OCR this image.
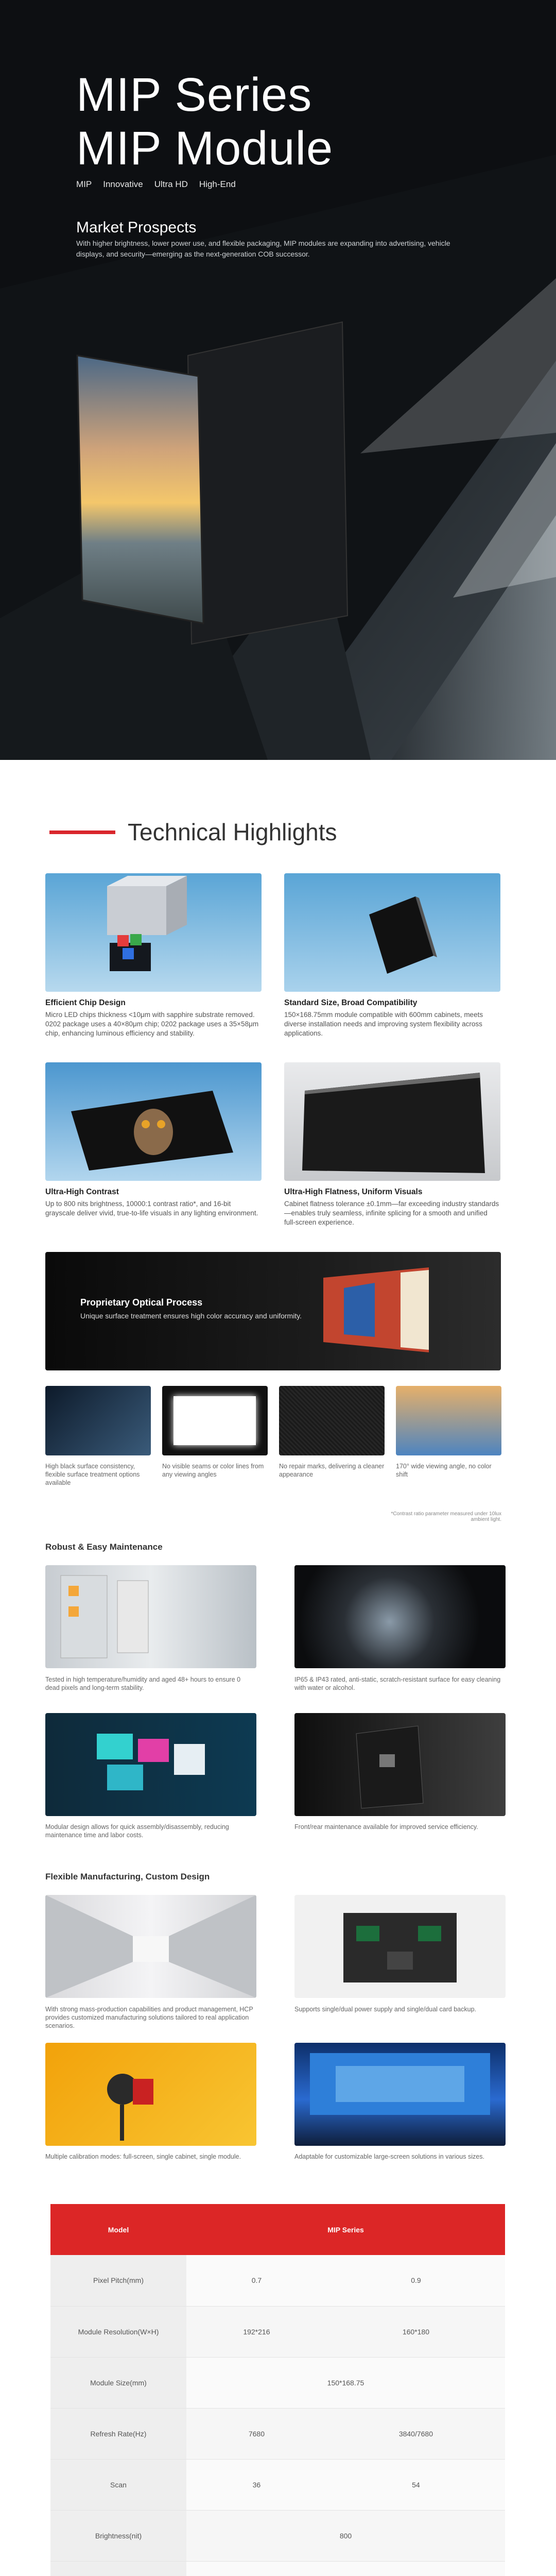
MIP Series
MIP Module
MIP Innovative Ultra HD High-End
Market Prospects
With higher brightness, lower power use, and flexible packaging, MIP modules are expanding into advertising, vehicle displays, and security—emerging as the next-generation COB successor.
Technical Highlights
Efficient Chip Design
Micro LED chips thickness <10μm with sapphire substrate removed. 0202 package uses a 40×80μm chip; 0202 package uses a 35×58μm chip, enhancing luminous efficiency and stability.
Standard Size, Broad Compatibility
150×168.75mm module compatible with 600mm cabinets, meets diverse installation needs and improving system flexibility across applications.
Ultra-High Contrast
Up to 800 nits brightness, 10000:1 contrast ratio*, and 16-bit grayscale deliver vivid, true-to-life visuals in any lighting environment.
Ultra-High Flatness, Uniform Visuals
Cabinet flatness tolerance ±0.1mm—far exceeding industry standards—enables truly seamless, infinite splicing for a smooth and unified full-screen experience.
Proprietary Optical Process
Unique surface treatment ensures high color accuracy and uniformity.
High black surface consistency, flexible surface treatment options available
No visible seams or color lines from any viewing angles
No repair marks, delivering a cleaner appearance
170° wide viewing angle, no color shift
*Contrast ratio parameter measured under 10lux ambient light.
Robust & Easy Maintenance
Tested in high temperature/humidity and aged 48+ hours to ensure 0 dead pixels and long-term stability.
IP65 & IP43 rated, anti-static, scratch-resistant surface for easy cleaning with water or alcohol.
Modular design allows for quick assembly/disassembly, reducing maintenance time and labor costs.
Front/rear maintenance available for improved service efficiency.
Flexible Manufacturing, Custom Design
With strong mass-production capabilities and product management, HCP provides customized manufacturing solutions tailored to real application scenarios.
Supports single/dual power supply and single/dual card backup.
Multiple calibration modes: full-screen, single cabinet, single module.	Adaptable for customizable large-screen solutions in various sizes.
Model	MIP Series	
Pixel Pitch(mm)	0.7	0.9
Module Resolution(W×H)	192*216	160*180
Module Size(mm)	150*168.75	
Refresh Rate(Hz)	7680	3840/7680
Scan	36	54
Brightness(nit)	800	
